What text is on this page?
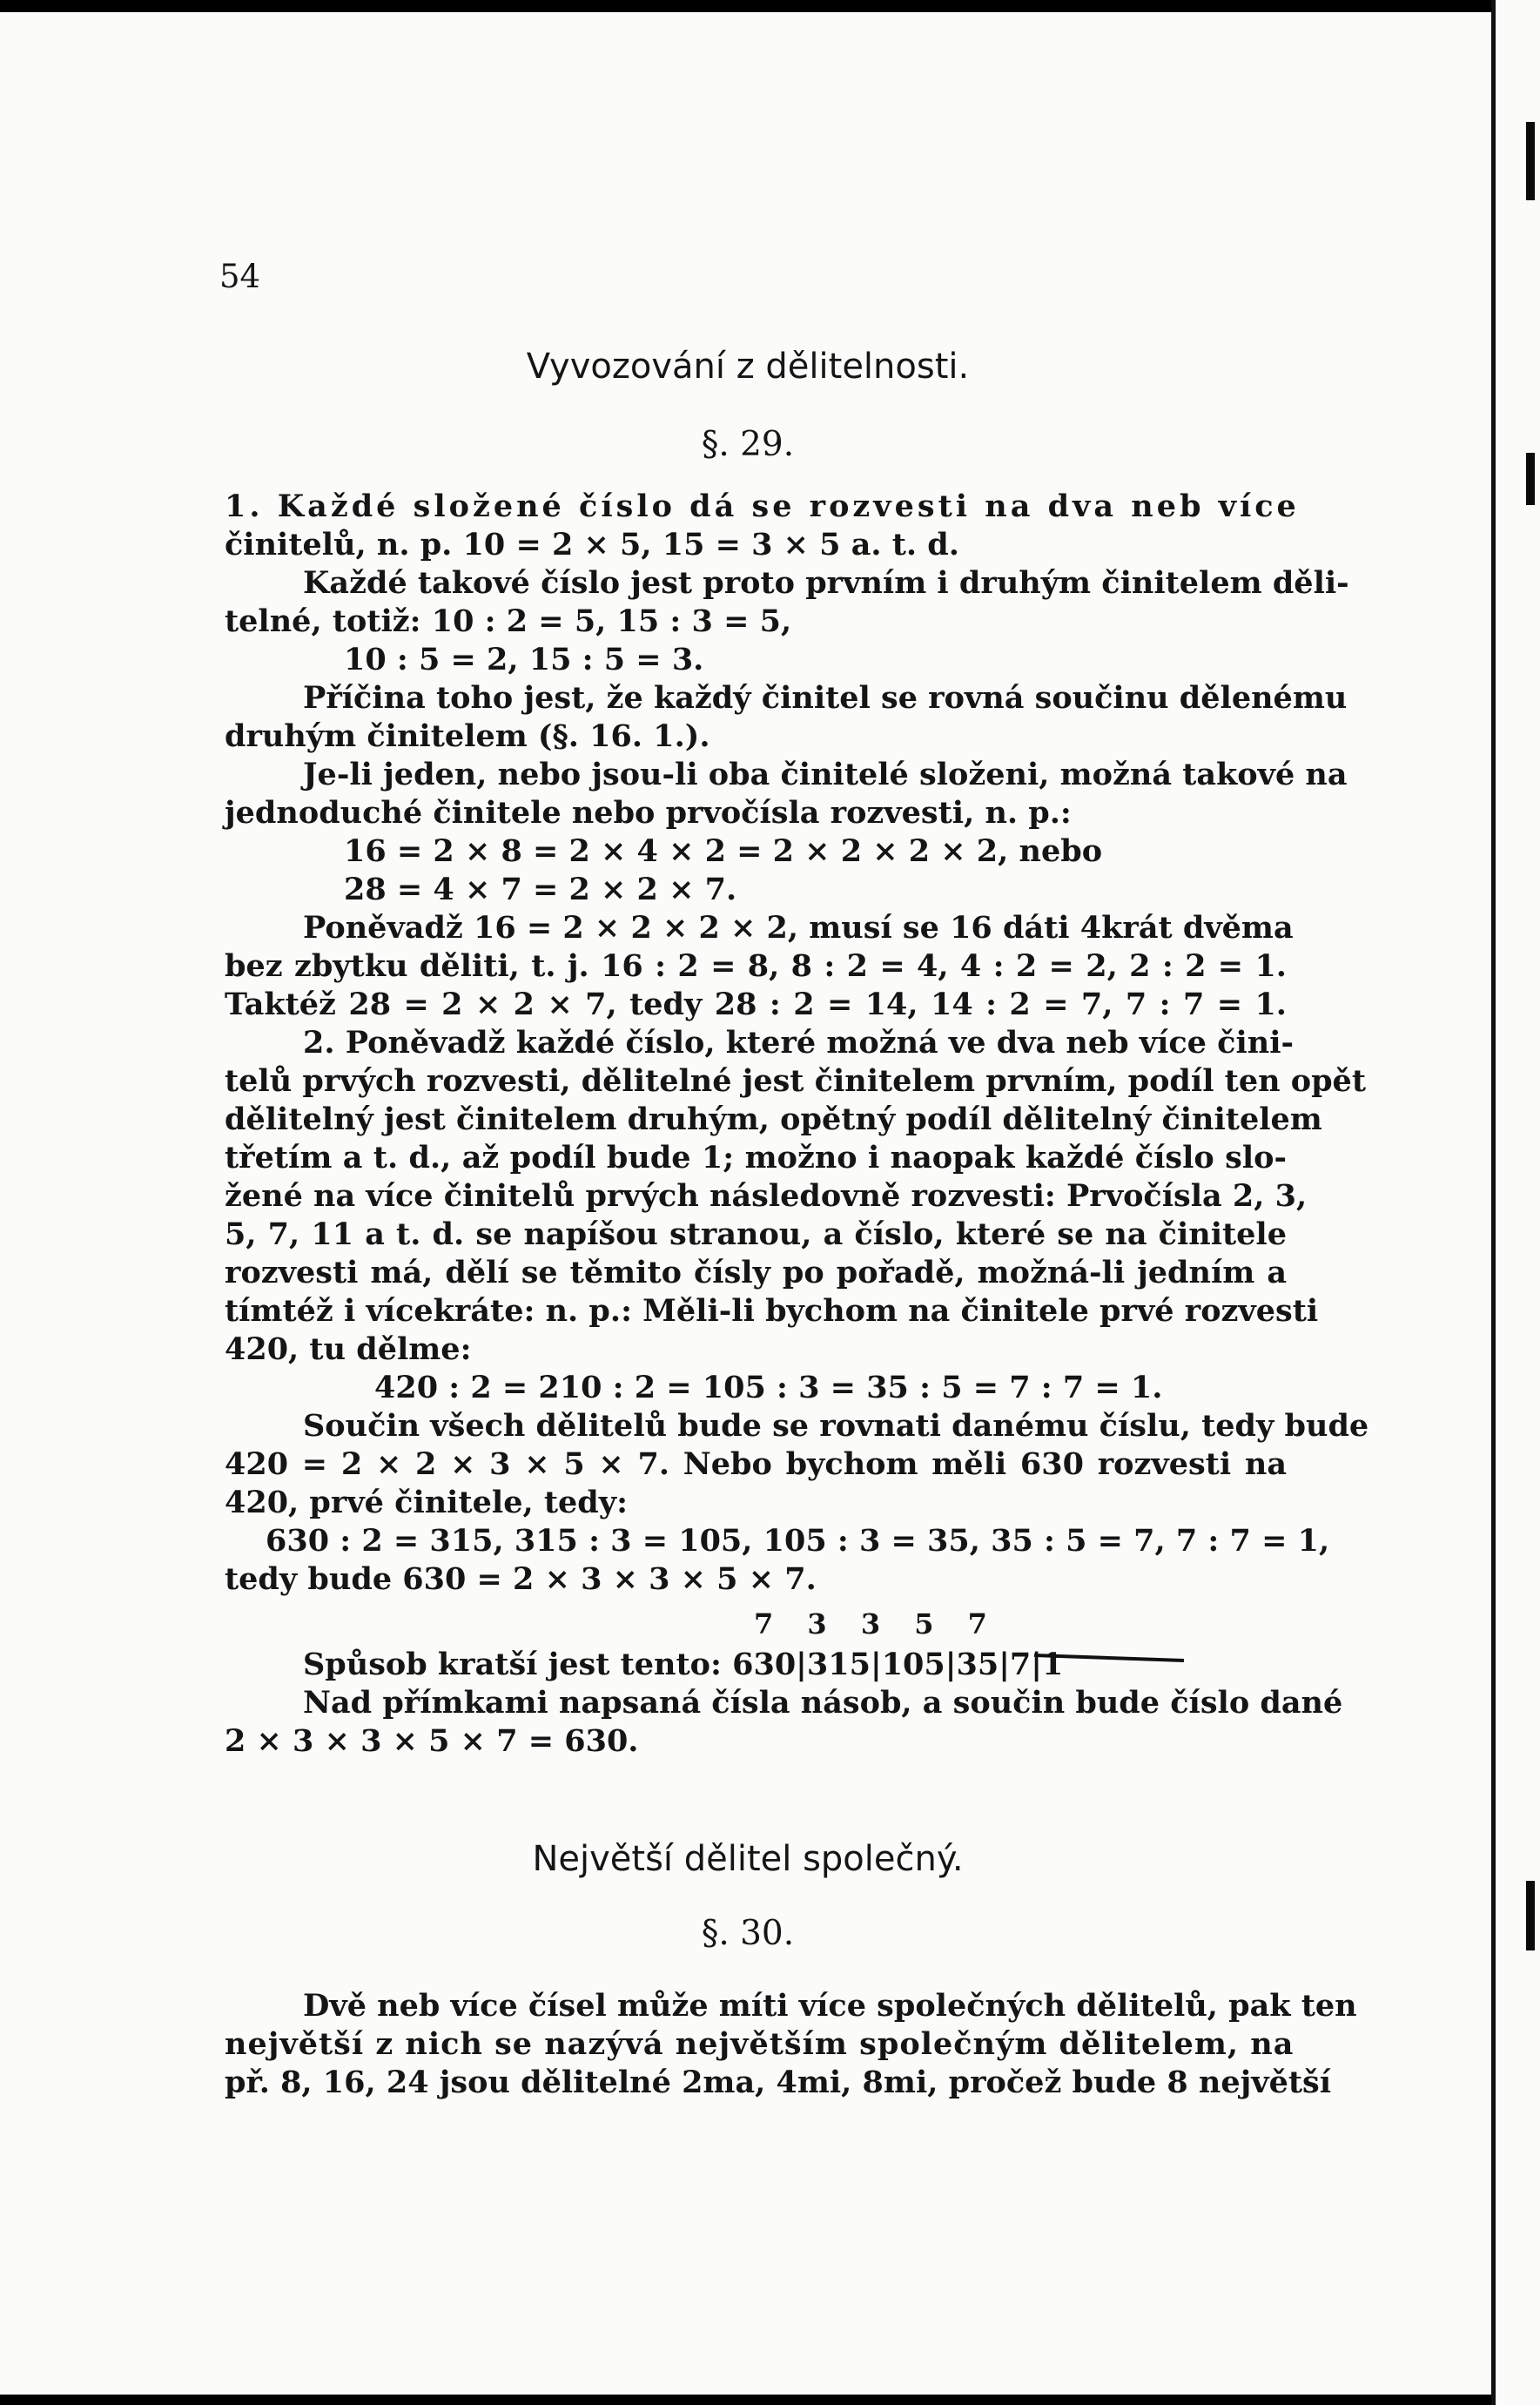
54
Vyvozování z dělitelnosti.
§. 29.
1. Každé složené číslo dá se rozvesti na dva neb více
činitelů, n. p. 10 = 2 × 5, 15 = 3 × 5 a. t. d.
Každé takové číslo jest proto prvním i druhým činitelem děli-
telné, totiž: 10 : 2 = 5, 15 : 3 = 5,
10 : 5 = 2, 15 : 5 = 3.
Příčina toho jest, že každý činitel se rovná součinu dělenému
druhým činitelem (§. 16. 1.).
Je-li jeden, nebo jsou-li oba činitelé složeni, možná takové na
jednoduché činitele nebo prvočísla rozvesti, n. p.:
16 = 2 × 8 = 2 × 4 × 2 = 2 × 2 × 2 × 2, nebo
28 = 4 × 7 = 2 × 2 × 7.
Poněvadž 16 = 2 × 2 × 2 × 2, musí se 16 dáti 4krát dvěma
bez zbytku děliti, t. j. 16 : 2 = 8, 8 : 2 = 4, 4 : 2 = 2, 2 : 2 = 1.
Taktéž 28 = 2 × 2 × 7, tedy 28 : 2 = 14, 14 : 2 = 7, 7 : 7 = 1.
2. Poněvadž každé číslo, které možná ve dva neb více čini-
telů prvých rozvesti, dělitelné jest činitelem prvním, podíl ten opět
dělitelný jest činitelem druhým, opětný podíl dělitelný činitelem
třetím a t. d., až podíl bude 1; možno i naopak každé číslo slo-
žené na více činitelů prvých následovně rozvesti: Prvočísla 2, 3,
5, 7, 11 a t. d. se napíšou stranou, a číslo, které se na činitele
rozvesti má, dělí se těmito čísly po pořadě, možná-li jedním a
tímtéž i vícekráte: n. p.: Měli-li bychom na činitele prvé rozvesti
420, tu dělme:
420 : 2 = 210 : 2 = 105 : 3 = 35 : 5 = 7 : 7 = 1.
Součin všech dělitelů bude se rovnati danému číslu, tedy bude
420 = 2 × 2 × 3 × 5 × 7. Nebo bychom měli 630 rozvesti na
420, prvé činitele, tedy:
630 : 2 = 315, 315 : 3 = 105, 105 : 3 = 35, 35 : 5 = 7, 7 : 7 = 1,
tedy bude 630 = 2 × 3 × 3 × 5 × 7.
7 3 3 5 7
Spůsob kratší jest tento: 630|315|105|35|7|1
Nad přímkami napsaná čísla násob, a součin bude číslo dané
2 × 3 × 3 × 5 × 7 = 630.
Největší dělitel společný.
§. 30.
Dvě neb více čísel může míti více společných dělitelů, pak ten
největší z nich se nazývá největším společným dělitelem, na
př. 8, 16, 24 jsou dělitelné 2ma, 4mi, 8mi, pročež bude 8 největší
